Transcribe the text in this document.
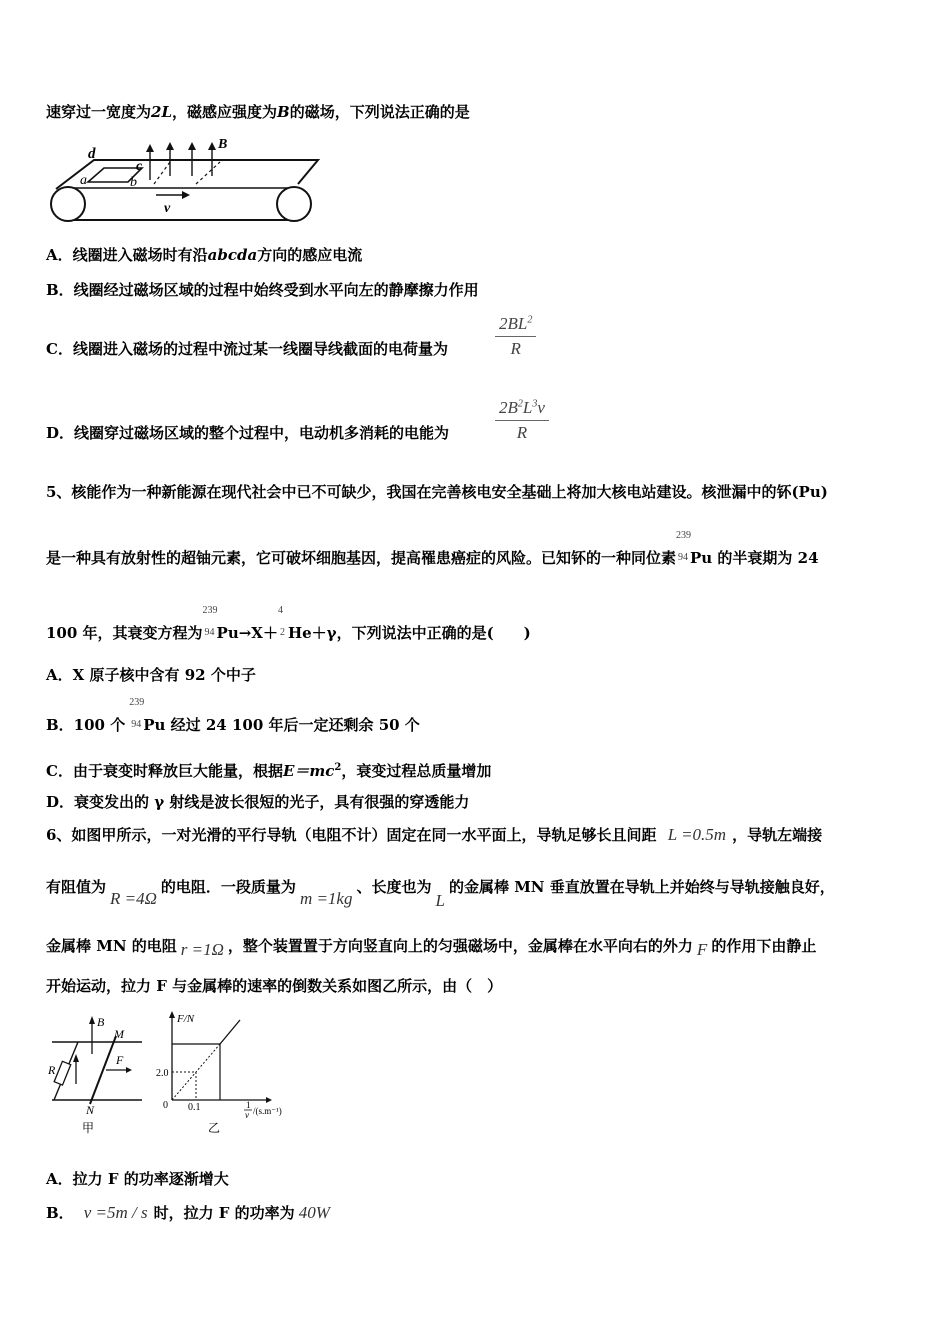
速穿过一宽度为2L，磁感应强度为B的磁场，下列说法正确的是
d
a	b
c
B
v
A．线圈进入磁场时有沿abcda方向的感应电流
B．线圈经过磁场区域的过程中始终受到水平向左的静摩擦力作用
C．线圈进入磁场的过程中流过某一线圈导线截面的电荷量为
$2BL^2$
R
D．线圈穿过磁场区域的整个过程中，电动机多消耗的电能为
$2B^2L^3v$
R
5、核能作为一种新能源在现代社会中已不可缺少，我国在完善核电安全基础上将加大核电站建设。核泄漏中的钚(Pu)
是一种具有放射性的超铀元素，它可破坏细胞基因，提高罹患癌症的风险。已知钚的一种同位素
239
94 Pu 的半衰期为 24
100 年，其衰变方程为
239
94 Pu→X＋
4
2 He＋γ，下列说法中正确的是(　　)
A．X 原子核中含有 92 个中子
B．100 个
239
94 Pu 经过 24 100 年后一定还剩余 50 个
C．由于衰变时释放巨大能量，根据$E=mc^2$，衰变过程总质量增加
D．衰变发出的 γ 射线是波长很短的光子，具有很强的穿透能力
6、如图甲所示，一对光滑的平行导轨（电阻不计）固定在同一水平面上，导轨足够长且间距 L =0.5m ，导轨左端接
有阻值为R =4Ω的电阻．一段质量为m =1kg、长度也为L的金属棒 MN 垂直放置在导轨上并始终与导轨接触良好，
金属棒 MN 的电阻 r =1Ω ，整个装置置于方向竖直向上的匀强磁场中，金属棒在水平向右的外力 F 的作用下由静止
开始运动，拉力 F 与金属棒的速率的倒数关系如图乙所示，由（　）
B
M
R
F
N
甲
F/N
2.0
0 0.1	1
v /(s.m⁻¹)
乙
A．拉力 F 的功率逐渐增大
B． v =5m / s 时，拉力 F 的功率为 40W
